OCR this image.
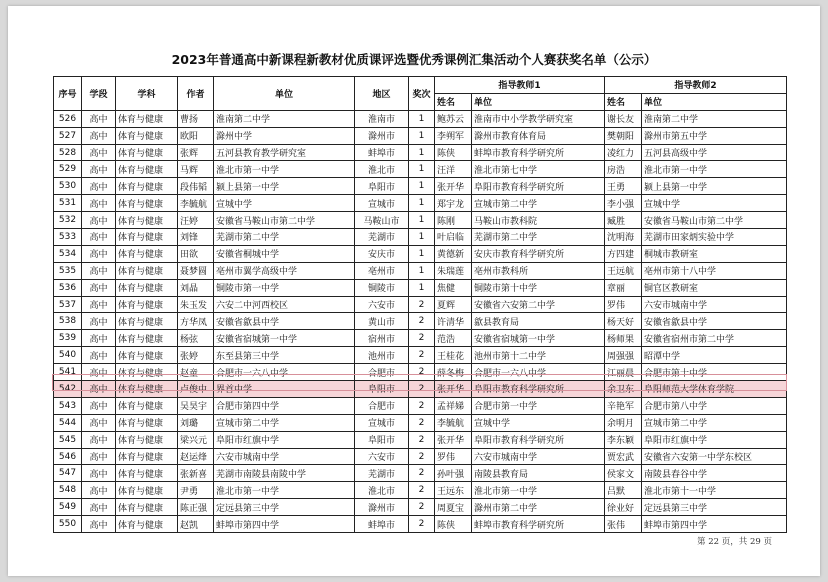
2023年普通高中新课程新教材优质课评选暨优秀课例汇集活动个人赛获奖名单（公示）
序号	学段	学科	作者	单位	地区	奖次	指导教师1		指导教师2	
							姓名	单位	姓名	单位
526	高中	体育与健康	曹扬	淮南第二中学	淮南市	1	鲍苏云	淮南市中小学教学研究室	谢长友	淮南第二中学
527	高中	体育与健康	欧阳	滁州中学	滁州市	1	李朔军	滁州市教育体育局	樊朝阳	滁州市第五中学
528	高中	体育与健康	张辉	五河县教育教学研究室	蚌埠市	1	陈侠	蚌埠市教育科学研究所	凌红力	五河县高级中学
529	高中	体育与健康	马辉	淮北市第一中学	淮北市	1	汪洋	淮北市第七中学	房浩	淮北市第一中学
530	高中	体育与健康	段伟韬	颍上县第一中学	阜阳市	1	张开华	阜阳市教育科学研究所	王勇	颍上县第一中学
531	高中	体育与健康	李毓航	宣城中学	宣城市	1	郑宇龙	宣城市第二中学	李小强	宣城中学
532	高中	体育与健康	汪婷	安徽省马鞍山市第二中学	马鞍山市	1	陈刚	马鞍山市教科院	臧胜	安徽省马鞍山市第二中学
533	高中	体育与健康	刘锋	芜湖市第二中学	芜湖市	1	叶启临	芜湖市第二中学	沈明海	芜湖市田家炳实验中学
534	高中	体育与健康	田欲	安徽省桐城中学	安庆市	1	黄德新	安庆市教育科学研究所	方四建	桐城市教研室
535	高中	体育与健康	聂梦圆	亳州市翼学高级中学	亳州市	1	朱瑞莲	亳州市教科所	王远航	亳州市第十八中学
536	高中	体育与健康	刘晶	铜陵市第一中学	铜陵市	1	焦健	铜陵市第十中学	章丽	铜官区教研室
537	高中	体育与健康	朱玉发	六安二中河西校区	六安市	2	夏辉	安徽省六安第二中学	罗伟	六安市城南中学
538	高中	体育与健康	方华凤	安徽省歙县中学	黄山市	2	许清华	歙县教育局	杨天好	安徽省歙县中学
539	高中	体育与健康	杨弦	安徽省宿城第一中学	宿州市	2	范浩	安徽省宿城第一中学	杨师果	安徽省宿州市第二中学
540	高中	体育与健康	张婷	东至县第三中学	池州市	2	王桂花	池州市第十二中学	周强强	昭潭中学
541	高中	体育与健康	赵童	合肥市一六八中学	合肥市	2	薛冬梅	合肥市一六八中学	江丽晨	合肥市第十中学
542	高中	体育与健康	卢俊中	界首中学	阜阳市	2	张开华	阜阳市教育科学研究所	余卫东	阜阳师范大学体育学院
543	高中	体育与健康	吴昊宇	合肥市第四中学	合肥市	2	孟祥娣	合肥市第一中学	辛艳军	合肥市第八中学
544	高中	体育与健康	刘璐	宣城市第二中学	宣城市	2	李毓航	宣城中学	余明月	宣城市第二中学
545	高中	体育与健康	梁兴元	阜阳市红旗中学	阜阳市	2	张开华	阜阳市教育科学研究所	李东颖	阜阳市红旗中学
546	高中	体育与健康	赵运烽	六安市城南中学	六安市	2	罗伟	六安市城南中学	贾宏武	安徽省六安第一中学东校区
547	高中	体育与健康	张新喜	芜湖市南陵县南陵中学	芜湖市	2	孙叶强	南陵县教育局	侯家文	南陵县春谷中学
548	高中	体育与健康	尹勇	淮北市第一中学	淮北市	2	王远东	淮北市第一中学	吕默	淮北市第十一中学
549	高中	体育与健康	陈正强	定远县第三中学	滁州市	2	周夏宝	滁州市第二中学	徐业好	定远县第三中学
550	高中	体育与健康	赵凯	蚌埠市第四中学	蚌埠市	2	陈侠	蚌埠市教育科学研究所	张伟	蚌埠市第四中学
第 22 页，共 29 页
